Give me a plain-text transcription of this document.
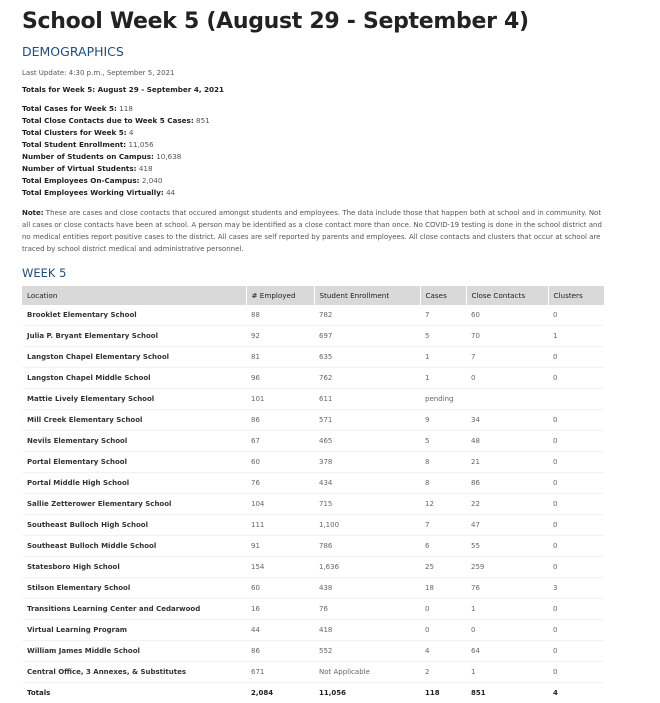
School Week 5 (August 29 - September 4)
DEMOGRAPHICS
Last Update: 4:30 p.m., September 5, 2021
Totals for Week 5: August 29 - September 4, 2021
Total Cases for Week 5: 118
Total Close Contacts due to Week 5 Cases: 851
Total Clusters for Week 5: 4
Total Student Enrollment: 11,056
Number of Students on Campus: 10,638
Number of Virtual Students: 418
Total Employees On-Campus: 2,040
Total Employees Working Virtually: 44
Note: These are cases and close contacts that occured amongst students and employees. The data include those that happen both at school and in community. Not all cases or close contacts have been at school. A person may be identified as a close contact more than once. No COVID-19 testing is done in the school district and no medical entities report positive cases to the district. All cases are self reported by parents and employees. All close contacts and clusters that occur at school are traced by school district medical and administrative personnel.
WEEK 5
Location	# Employed	Student Enrollment	Cases	Close Contacts	Clusters
Brooklet Elementary School	88	782	7	60	0
Julia P. Bryant Elementary School	92	697	5	70	1
Langston Chapel Elementary School	81	635	1	7	0
Langston Chapel Middle School	96	762	1	0	0
Mattie Lively Elementary School	101	611	pending		
Mill Creek Elementary School	86	571	9	34	0
Nevils Elementary School	67	465	5	48	0
Portal Elementary School	60	378	8	21	0
Portal Middle High School	76	434	8	86	0
Sallie Zetterower Elementary School	104	715	12	22	0
Southeast Bulloch High School	111	1,100	7	47	0
Southeast Bulloch Middle School	91	786	6	55	0
Statesboro High School	154	1,636	25	259	0
Stilson Elementary School	60	438	18	76	3
Transitions Learning Center and Cedarwood	16	76	0	1	0
Virtual Learning Program	44	418	0	0	0
William James Middle School	86	552	4	64	0
Central Office, 3 Annexes, & Substitutes	671	Not Applicable	2	1	0
Totals	2,084	11,056	118	851	4
